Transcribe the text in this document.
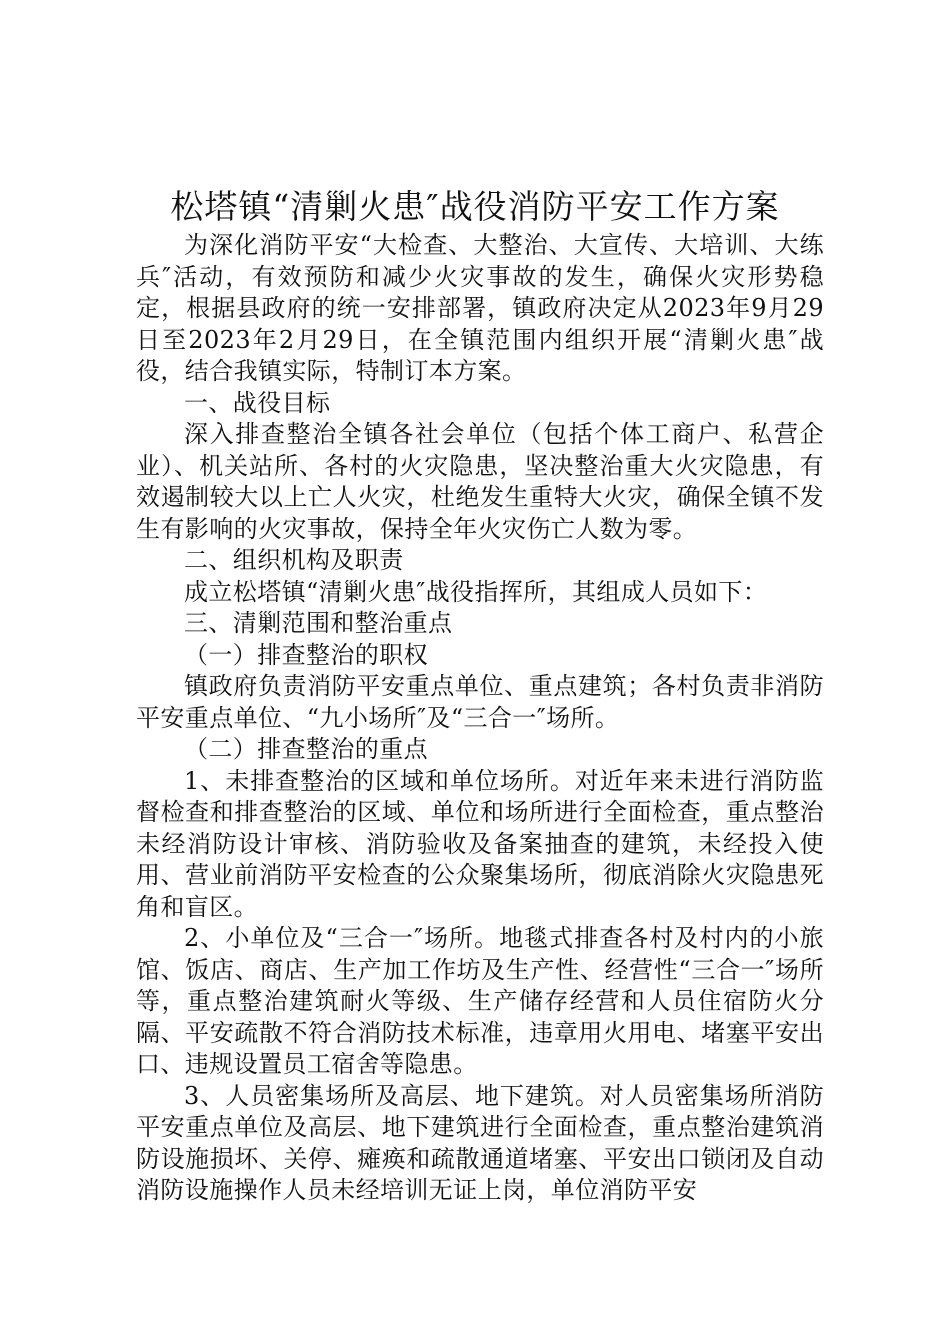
松塔镇“清剿火患″战役消防平安工作方案

为深化消防平安“大检查、大整治、大宣传、大培训、大练兵″活动，有效预防和减少火灾事故的发生，确保火灾形势稳定，根据县政府的统一安排部署，镇政府决定从2023年9月29日至2023年2月29日，在全镇范围内组织开展“清剿火患″战役，结合我镇实际，特制订本方案。

一、战役目标

深入排查整治全镇各社会单位（包括个体工商户、私营企业）、机关站所、各村的火灾隐患，坚决整治重大火灾隐患，有效遏制较大以上亡人火灾，杜绝发生重特大火灾，确保全镇不发生有影响的火灾事故，保持全年火灾伤亡人数为零。

二、组织机构及职责

成立松塔镇“清剿火患″战役指挥所，其组成人员如下：

三、清剿范围和整治重点

（一）排查整治的职权

镇政府负责消防平安重点单位、重点建筑；各村负责非消防平安重点单位、“九小场所″及“三合一″场所。

（二）排查整治的重点

1、未排查整治的区域和单位场所。对近年来未进行消防监督检查和排查整治的区域、单位和场所进行全面检查，重点整治未经消防设计审核、消防验收及备案抽查的建筑，未经投入使用、营业前消防平安检查的公众聚集场所，彻底消除火灾隐患死角和盲区。

2、小单位及“三合一″场所。地毯式排查各村及村内的小旅馆、饭店、商店、生产加工作坊及生产性、经营性“三合一″场所等，重点整治建筑耐火等级、生产储存经营和人员住宿防火分隔、平安疏散不符合消防技术标准，违章用火用电、堵塞平安出口、违规设置员工宿舍等隐患。

3、人员密集场所及高层、地下建筑。对人员密集场所消防平安重点单位及高层、地下建筑进行全面检查，重点整治建筑消防设施损坏、关停、瘫痪和疏散通道堵塞、平安出口锁闭及自动消防设施操作人员未经培训无证上岗，单位消防平安
